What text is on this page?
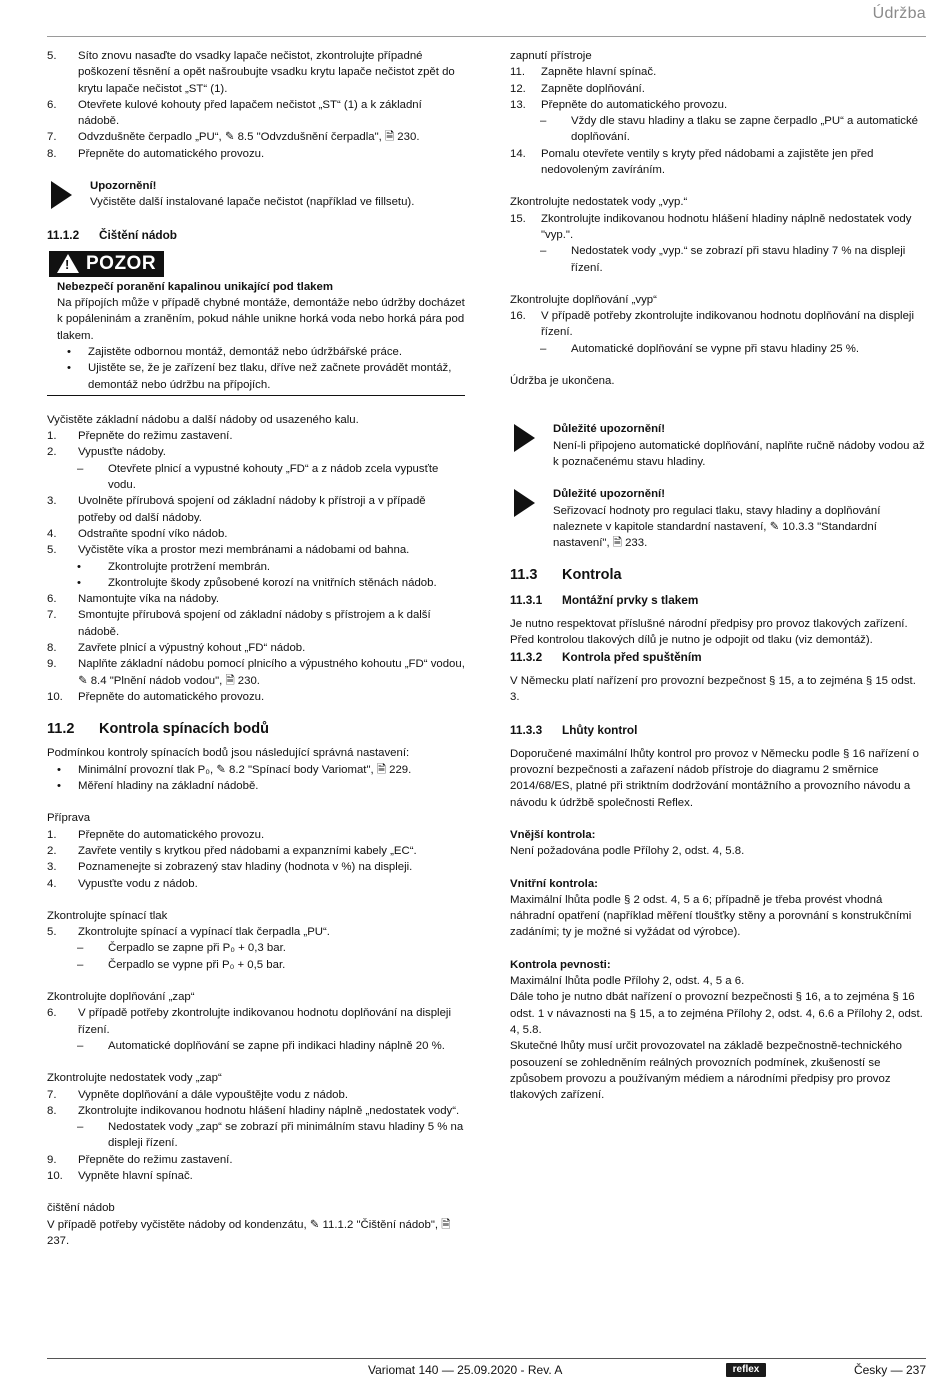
Údržba
5. Síto znovu nasaďte do vsadky lapače nečistot, zkontrolujte případné poškození těsnění a opět našroubujte vsadku krytu lapače nečistot zpět do krytu lapače nečistot „ST“ (1).
6. Otevřete kulové kohouty před lapačem nečistot „ST“ (1) a k základní nádobě.
7. Odvzdušněte čerpadlo „PU“, ✎ 8.5 "Odvzdušnění čerpadla", 🗎 230.
8. Přepněte do automatického provozu.

Upozornění!

Vyčistěte další instalované lapače nečistot (například ve fillsetu).

11.1.2	Čištění nádob
! POZOR

Nebezpečí poranění kapalinou unikající pod tlakem

Na přípojích může v případě chybné montáže, demontáže nebo údržby docházet k popáleninám a zraněním, pokud náhle unikne horká voda nebo horká pára pod tlakem.

• Zajistěte odbornou montáž, demontáž nebo údržbářské práce.
• Ujistěte se, že je zařízení bez tlaku, dříve než začnete provádět montáž, demontáž nebo údržbu na přípojích.

Vyčistěte základní nádobu a další nádoby od usazeného kalu.

1. Přepněte do režimu zastavení.
2. Vypusťte nádoby.
– Otevřete plnicí a vypustné kohouty „FD“ a z nádob zcela vypusťte vodu.
3. Uvolněte přírubová spojení od základní nádoby k přístroji a v případě potřeby od další nádoby.
4. Odstraňte spodní víko nádob.
5. Vyčistěte víka a prostor mezi membránami a nádobami od bahna.
• Zkontrolujte protržení membrán.
• Zkontrolujte škody způsobené korozí na vnitřních stěnách nádob.
6. Namontujte víka na nádoby.
7. Smontujte přírubová spojení od základní nádoby s přístrojem a k další nádobě.
8. Zavřete plnicí a výpustný kohout „FD“ nádob.
9. Naplňte základní nádobu pomocí plnicího a výpustného kohoutu „FD“ vodou, ✎ 8.4 "Plnění nádob vodou", 🗎 230.
10. Přepněte do automatického provozu.
11.2	Kontrola spínacích bodů

Podmínkou kontroly spínacích bodů jsou následující správná nastavení:

• Minimální provozní tlak P₀, ✎ 8.2 "Spínací body Variomat", 🗎 229.
• Měření hladiny na základní nádobě.

Příprava

1. Přepněte do automatického provozu.
2. Zavřete ventily s krytkou před nádobami a expanzními kabely „EC“.
3. Poznamenejte si zobrazený stav hladiny (hodnota v %) na displeji.
4. Vypusťte vodu z nádob.

Zkontrolujte spínací tlak

5. Zkontrolujte spínací a vypínací tlak čerpadla „PU“.
– Čerpadlo se zapne při P₀ + 0,3 bar.
– Čerpadlo se vypne při P₀ + 0,5 bar.

Zkontrolujte doplňování „zap“

6. V případě potřeby zkontrolujte indikovanou hodnotu doplňování na displeji řízení.
– Automatické doplňování se zapne při indikaci hladiny náplně 20 %.

Zkontrolujte nedostatek vody „zap“

7. Vypněte doplňování a dále vypouštějte vodu z nádob.
8. Zkontrolujte indikovanou hodnotu hlášení hladiny náplně „nedostatek vody“.
– Nedostatek vody „zap“ se zobrazí při minimálním stavu hladiny 5 % na displeji řízení.
9. Přepněte do režimu zastavení.
10. Vypněte hlavní spínač.

čištění nádob

V případě potřeby vyčistěte nádoby od kondenzátu, ✎ 11.1.2 "Čištění nádob", 🗎 237.

zapnutí přístroje

11. Zapněte hlavní spínač.
12. Zapněte doplňování.
13. Přepněte do automatického provozu.
– Vždy dle stavu hladiny a tlaku se zapne čerpadlo „PU“ a automatické doplňování.
14. Pomalu otevřete ventily s kryty před nádobami a zajistěte jen před nedovoleným zavíráním.

Zkontrolujte nedostatek vody „vyp.“

15. Zkontrolujte indikovanou hodnotu hlášení hladiny náplně nedostatek vody "vyp.".
– Nedostatek vody „vyp.“ se zobrazí při stavu hladiny 7 % na displeji řízení.

Zkontrolujte doplňování „vyp“

16. V případě potřeby zkontrolujte indikovanou hodnotu doplňování na displeji řízení.
– Automatické doplňování se vypne při stavu hladiny 25 %.

Údržba je ukončena.

Důležité upozornění!

Není-li připojeno automatické doplňování, naplňte ručně nádoby vodou až k poznačenému stavu hladiny.

Důležité upozornění!

Seřizovací hodnoty pro regulaci tlaku, stavy hladiny a doplňování naleznete v kapitole standardní nastavení, ✎ 10.3.3 "Standardní nastavení", 🗎 233.

11.3	Kontrola
11.3.1	Montážní prvky s tlakem

Je nutno respektovat příslušné národní předpisy pro provoz tlakových zařízení. Před kontrolou tlakových dílů je nutno je odpojit od tlaku (viz demontáž).

11.3.2	Kontrola před spuštěním

V Německu platí nařízení pro provozní bezpečnost § 15, a to zejména § 15 odst. 3.

11.3.3	Lhůty kontrol

Doporučené maximální lhůty kontrol pro provoz v Německu podle § 16 nařízení o provozní bezpečnosti a zařazení nádob přístroje do diagramu 2 směrnice 2014/68/ES, platné při striktním dodržování montážního a provozního návodu a návodu k údržbě společnosti Reflex.

Vnější kontrola:

Není požadována podle Přílohy 2, odst. 4, 5.8.

Vnitřní kontrola:

Maximální lhůta podle § 2 odst. 4, 5 a 6; případně je třeba provést vhodná náhradní opatření (například měření tloušťky stěny a porovnání s konstrukčními zadáními; ty je možné si vyžádat od výrobce).

Kontrola pevnosti:

Maximální lhůta podle Přílohy 2, odst. 4, 5 a 6.

Dále toho je nutno dbát nařízení o provozní bezpečnosti § 16, a to zejména § 16 odst. 1 v návaznosti na § 15, a to zejména Přílohy 2, odst. 4, 6.6 a Přílohy 2, odst. 4, 5.8.

Skutečné lhůty musí určit provozovatel na základě bezpečnostně-technického posouzení se zohledněním reálných provozních podmínek, zkušeností se způsobem provozu a používaným médiem a národními předpisy pro provoz tlakových zařízení.

Variomat 140 — 25.09.2020 - Rev. A	reflex	Česky — 237
